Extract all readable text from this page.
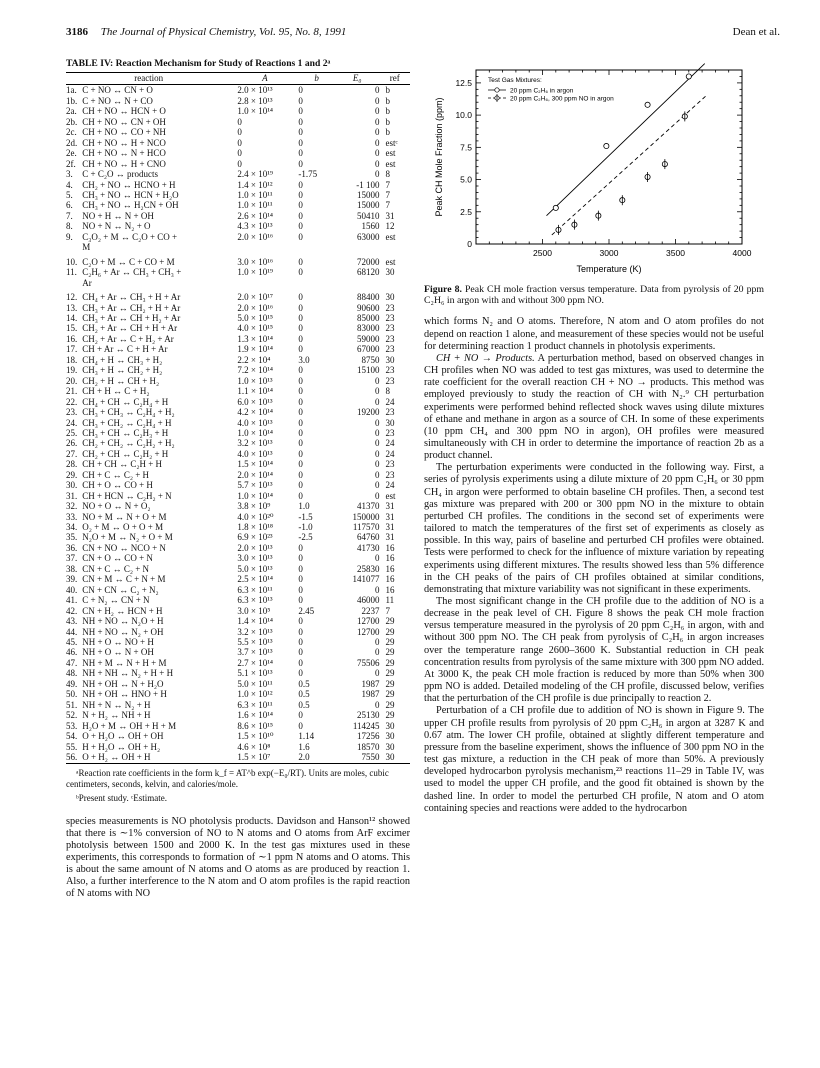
3186 The Journal of Physical Chemistry, Vol. 95, No. 8, 1991	Dean et al.
TABLE IV: Reaction Mechanism for Study of Reactions 1 and 2ᵃ
reaction		A	b	E₀	ref
1a.	C + NO ↔ CN + O	2.0 × 10¹³	0	0	b
1b.	C + NO ↔ N + CO	2.8 × 10¹³	0	0	b
2a.	CH + NO ↔ HCN + O	1.0 × 10¹⁴	0	0	b
2b.	CH + NO ↔ CN + OH	0	0	0	b
2c.	CH + NO ↔ CO + NH	0	0	0	b
2d.	CH + NO ↔ H + NCO	0	0	0	estᶜ
2e.	CH + NO ↔ N + HCO	0	0	0	est
2f.	CH + NO ↔ H + CNO	0	0	0	est
3.	C + C₂O ↔ products	2.4 × 10¹⁹	-1.75	0	8
4.	CH₂ + NO ↔ HCNO + H	1.4 × 10¹²	0	-1 100	7
5.	CH₃ + NO ↔ HCN + H₂O	1.0 × 10¹¹	0	15000	7
6.	CH₃ + NO ↔ H₂CN + OH	1.0 × 10¹¹	0	15000	7
7.	NO + H ↔ N + OH	2.6 × 10¹⁴	0	50410	31
8.	NO + N ↔ N₂ + O	4.3 × 10¹³	0	1560	12
9.	C₃O₂ + M ↔ C₂O + CO +	2.0 × 10¹⁶	0	63000	est
	M				
10.	C₂O + M ↔ C + CO + M	3.0 × 10¹⁶	0	72000	est
11.	C₂H₆ + Ar ↔ CH₃ + CH₃ +	1.0 × 10¹⁹	0	68120	30
	Ar				
12.	CH₄ + Ar ↔ CH₃ + H + Ar	2.0 × 10¹⁷	0	88400	30
13.	CH₃ + Ar ↔ CH₂ + H + Ar	2.0 × 10¹⁶	0	90600	23
14.	CH₃ + Ar ↔ CH + H₂ + Ar	5.0 × 10¹⁵	0	85000	23
15.	CH₂ + Ar ↔ CH + H + Ar	4.0 × 10¹⁵	0	83000	23
16.	CH₂ + Ar ↔ C + H₂ + Ar	1.3 × 10¹⁴	0	59000	23
17.	CH + Ar ↔ C + H + Ar	1.9 × 10¹⁴	0	67000	23
18.	CH₄ + H ↔ CH₃ + H₂	2.2 × 10⁴	3.0	8750	30
19.	CH₃ + H ↔ CH₂ + H₂	7.2 × 10¹⁴	0	15100	23
20.	CH₂ + H ↔ CH + H₂	1.0 × 10¹³	0	0	23
21.	CH + H ↔ C + H₂	1.1 × 10¹⁴	0	0	8
22.	CH₄ + CH ↔ C₂H₄ + H	6.0 × 10¹³	0	0	24
23.	CH₃ + CH₃ ↔ C₂H₄ + H₂	4.2 × 10¹⁴	0	19200	23
24.	CH₃ + CH₂ ↔ C₂H₄ + H	4.0 × 10¹³	0	0	30
25.	CH₃ + CH ↔ C₂H₃ + H	1.0 × 10¹⁴	0	0	23
26.	CH₂ + CH₂ ↔ C₂H₂ + H₂	3.2 × 10¹³	0	0	24
27.	CH₂ + CH ↔ C₂H₂ + H	4.0 × 10¹³	0	0	24
28.	CH + CH ↔ C₂H + H	1.5 × 10¹⁴	0	0	23
29.	CH + C ↔ C₂ + H	2.0 × 10¹⁴	0	0	23
30.	CH + O ↔ CO + H	5.7 × 10¹³	0	0	24
31.	CH + HCN ↔ C₂H₂ + N	1.0 × 10¹⁴	0	0	est
32.	NO + O ↔ N + O₂	3.8 × 10⁹	1.0	41370	31
33.	NO + M ↔ N + O + M	4.0 × 10²⁰	-1.5	150000	31
34.	O₂ + M ↔ O + O + M	1.8 × 10¹⁸	-1.0	117570	31
35.	N₂O + M ↔ N₂ + O + M	6.9 × 10²³	-2.5	64760	31
36.	CN + NO ↔ NCO + N	2.0 × 10¹³	0	41730	16
37.	CN + O ↔ CO + N	3.0 × 10¹³	0	0	16
38.	CN + C ↔ C₂ + N	5.0 × 10¹³	0	25830	16
39.	CN + M ↔ C + N + M	2.5 × 10¹⁴	0	141077	16
40.	CN + CN ↔ C₂ + N₂	6.3 × 10¹¹	0	0	16
41.	C + N₂ ↔ CN + N	6.3 × 10¹³	0	46000	11
42.	CN + H₂ ↔ HCN + H	3.0 × 10⁵	2.45	2237	7
43.	NH + NO ↔ N₂O + H	1.4 × 10¹⁴	0	12700	29
44.	NH + NO ↔ N₂ + OH	3.2 × 10¹³	0	12700	29
45.	NH + O ↔ NO + H	5.5 × 10¹³	0	0	29
46.	NH + O ↔ N + OH	3.7 × 10¹³	0	0	29
47.	NH + M ↔ N + H + M	2.7 × 10¹⁴	0	75506	29
48.	NH + NH ↔ N₂ + H + H	5.1 × 10¹³	0	0	29
49.	NH + OH ↔ N + H₂O	5.0 × 10¹¹	0.5	1987	29
50.	NH + OH ↔ HNO + H	1.0 × 10¹²	0.5	1987	29
51.	NH + N ↔ N₂ + H	6.3 × 10¹¹	0.5	0	29
52.	N + H₂ ↔ NH + H	1.6 × 10¹⁴	0	25130	29
53.	H₂O + M ↔ OH + H + M	8.6 × 10¹⁵	0	114245	30
54.	O + H₂O ↔ OH + OH	1.5 × 10¹⁰	1.14	17256	30
55.	H + H₂O ↔ OH + H₂	4.6 × 10⁸	1.6	18570	30
56.	O + H₂ ↔ OH + H	1.5 × 10⁷	2.0	7550	30
ᵃReaction rate coefficients in the form k_f = AT^b exp(−E₀/RT). Units are moles, cubic centimeters, seconds, kelvin, and calories/mole.
ᵇPresent study. ᶜEstimate.
species measurements is NO photolysis products. Davidson and Hanson¹² showed that there is ∼1% conversion of NO to N atoms and O atoms from ArF excimer photolysis between 1500 and 2000 K. In the test gas mixtures used in these experiments, this corresponds to formation of ∼1 ppm N atoms and O atoms. This is about the same amount of N atoms and O atoms as are produced by reaction 1. Also, a further interference to the N atom and O atom profiles is the rapid reaction of N atoms with NO
2500	3000	3500	4000
0
2.5
5.0
7.5
10.0
12.5
Temperature (K)
Peak CH Mole Fraction (ppm)
Test Gas Mixtures:
20 ppm C₂H₆ in argon
20 ppm C₂H₆, 300 ppm NO in argon
Figure 8. Peak CH mole fraction versus temperature. Data from pyrolysis of 20 ppm C₂H₆ in argon with and without 300 ppm NO.

which forms N₂ and O atoms. Therefore, N atom and O atom profiles do not depend on reaction 1 alone, and measurement of these species would not be useful for determining reaction 1 product channels in photolysis experiments.

CH + NO → Products. A perturbation method, based on observed changes in CH profiles when NO was added to test gas mixtures, was used to determine the rate coefficient for the overall reaction CH + NO → products. This method was employed previously to study the reaction of CH with N₂.⁹ CH perturbation experiments were performed behind reflected shock waves using dilute mixtures of ethane and methane in argon as a source of CH. In some of these experiments (10 ppm CH₄ and 300 ppm NO in argon), OH profiles were measured simultaneously with CH in order to determine the importance of reaction 2b as a product channel.

The perturbation experiments were conducted in the following way. First, a series of pyrolysis experiments using a dilute mixture of 20 ppm C₂H₆ or 30 ppm CH₄ in argon were performed to obtain baseline CH profiles. Then, a second test gas mixture was prepared with 200 or 300 ppm NO in the mixture to obtain perturbed CH profiles. The conditions in the second set of experiments were tailored to match the temperatures of the first set of experiments as closely as possible. In this way, pairs of baseline and perturbed CH profiles were obtained. Tests were performed to check for the influence of mixture variation by repeating experiments using different mixtures. The results showed less than 5% difference in the CH peaks of the pairs of CH profiles obtained at similar conditions, demonstrating that mixture variability was not significant in these experiments.

The most significant change in the CH profile due to the addition of NO is a decrease in the peak level of CH. Figure 8 shows the peak CH mole fraction versus temperature measured in the pyrolysis of 20 ppm C₂H₆ in argon, with and without 300 ppm NO. The CH peak from pyrolysis of C₂H₆ in argon increases over the temperature range 2600–3600 K. Substantial reduction in CH peak concentration results from pyrolysis of the same mixture with 300 ppm NO added. At 3000 K, the peak CH mole fraction is reduced by more than 50% when 300 ppm NO is added. Detailed modeling of the CH profile, discussed below, verifies that the perturbation of the CH profile is due principally to reaction 2.

Perturbation of a CH profile due to addition of NO is shown in Figure 9. The upper CH profile results from pyrolysis of 20 ppm C₂H₆ in argon at 3287 K and 0.67 atm. The lower CH profile, obtained at slightly different temperature and pressure from the baseline experiment, shows the influence of 300 ppm NO in the test gas mixture, a reduction in the CH peak of more than 50%. A previously developed hydrocarbon pyrolysis mechanism,²³ reactions 11–29 in Table IV, was used to model the upper CH profile, and the good fit obtained is shown by the dashed line. In order to model the perturbed CH profile, N atom and O atom containing species and reactions were added to the hydrocarbon
